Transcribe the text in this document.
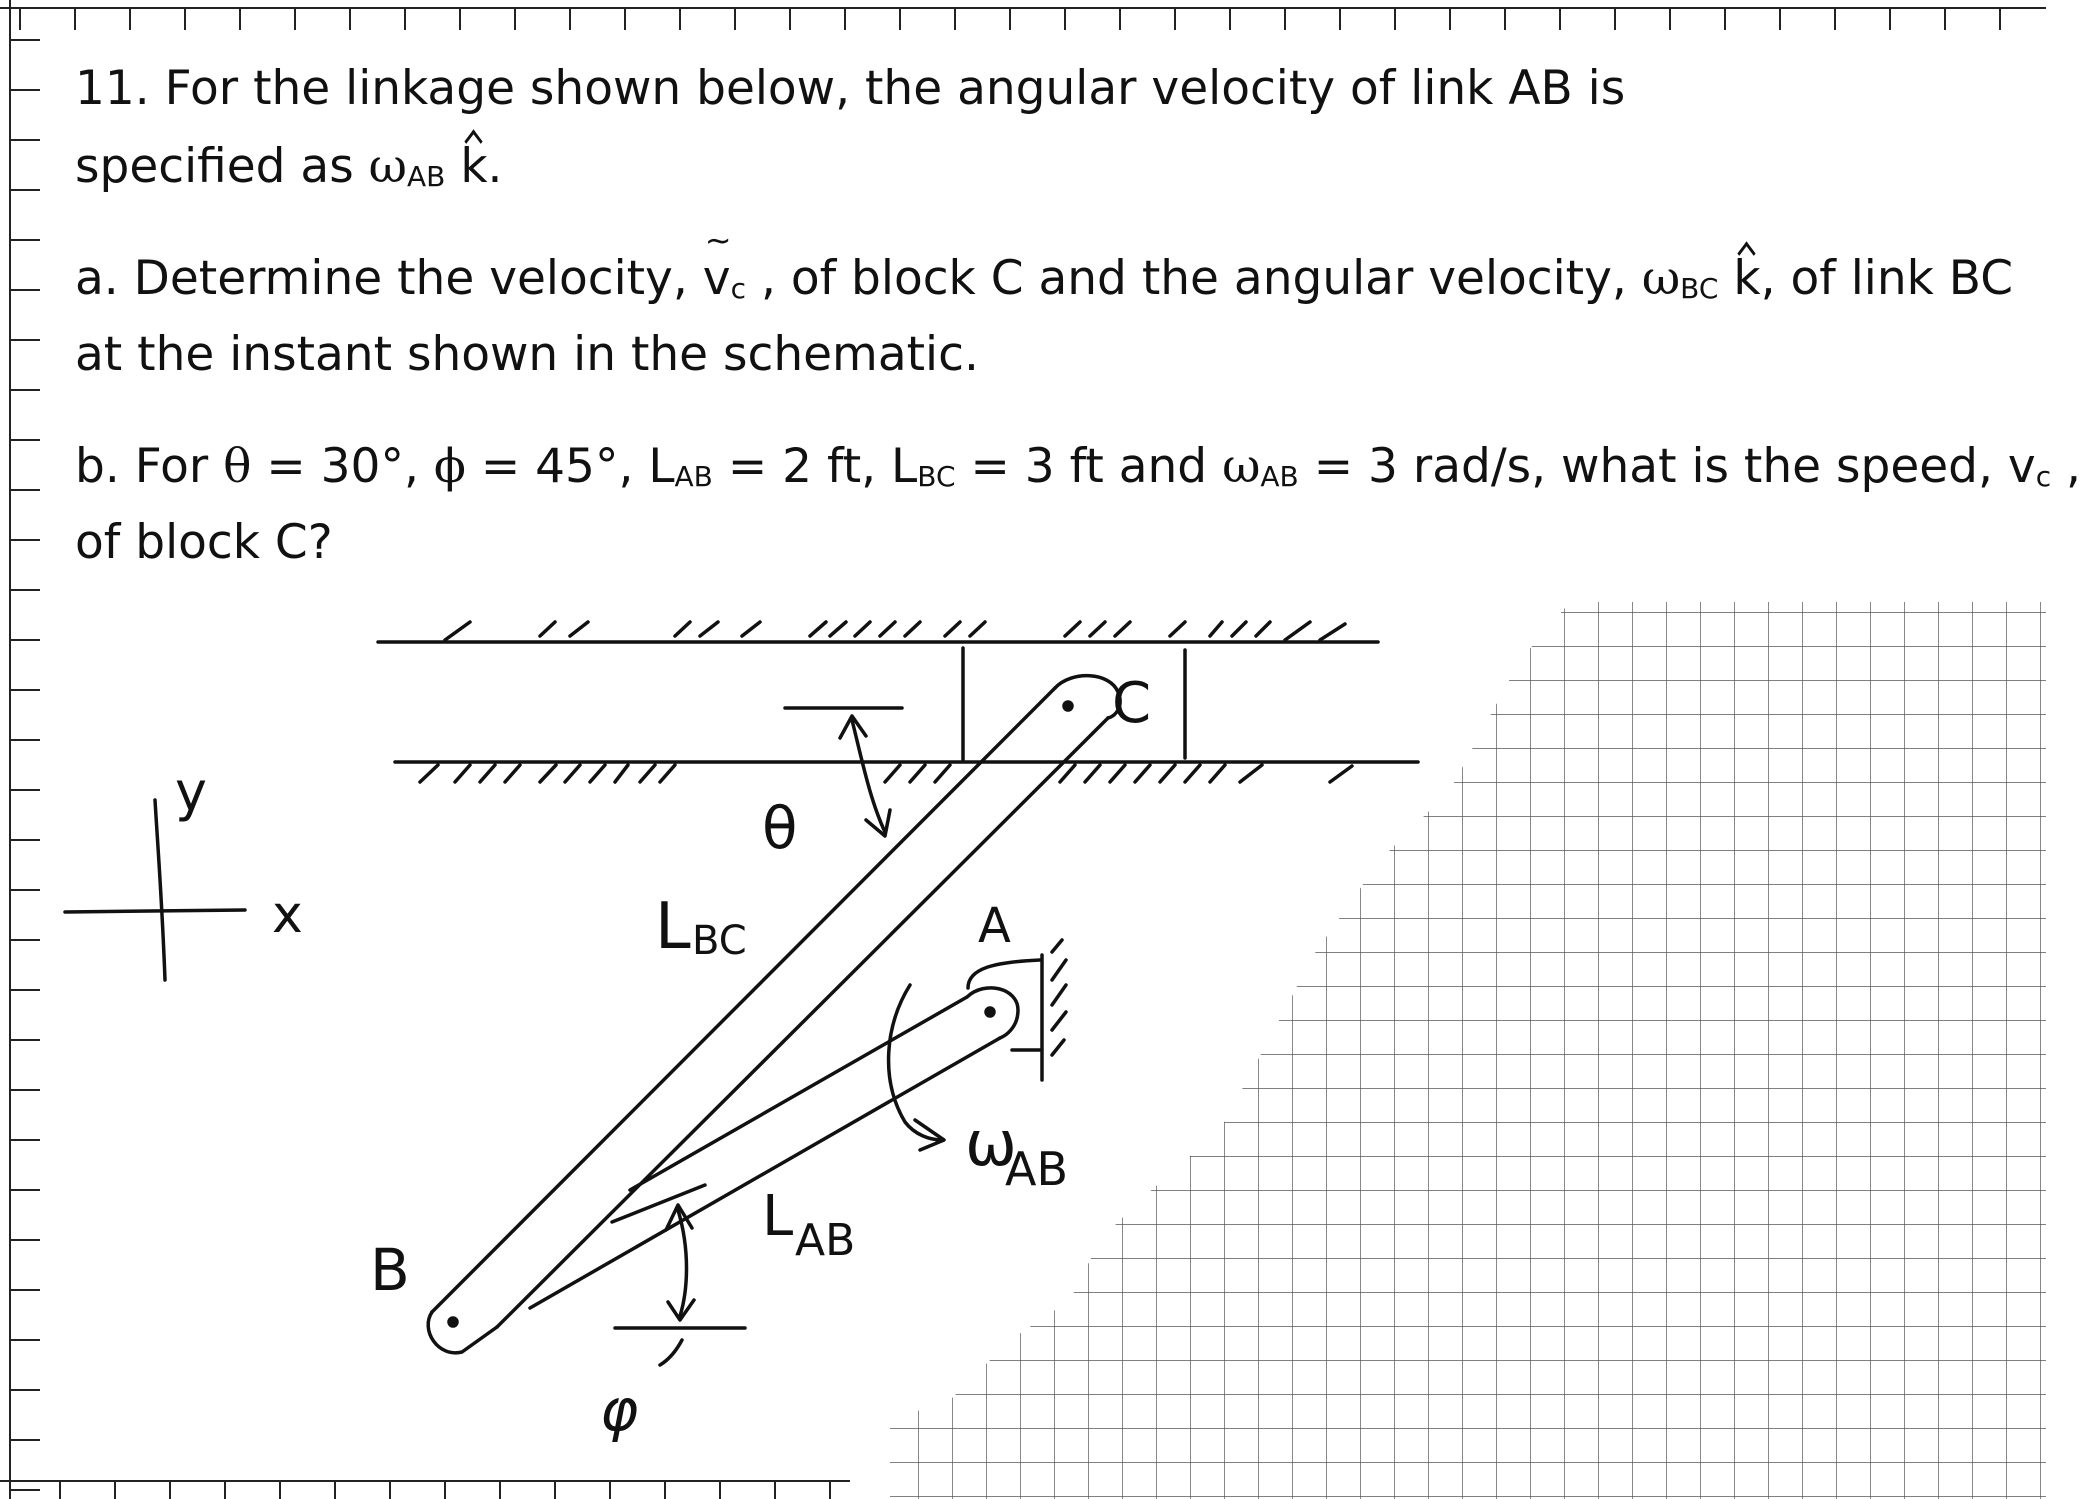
11. For the linkage shown below, the angular velocity of link AB is
specified as ωAB k.
a. Determine the velocity, ~ vc , of block C and the angular velocity, ωBC k, of link BC
at the instant shown in the schematic.
b. For θ = 30°, ϕ = 45°, LAB = 2 ft, LBC = 3 ft and ωAB = 3 rad/s, what is the speed, vc ,
of block C?
C
θ
L BC	A
ω
AB
L AB
B
φ
y
x
